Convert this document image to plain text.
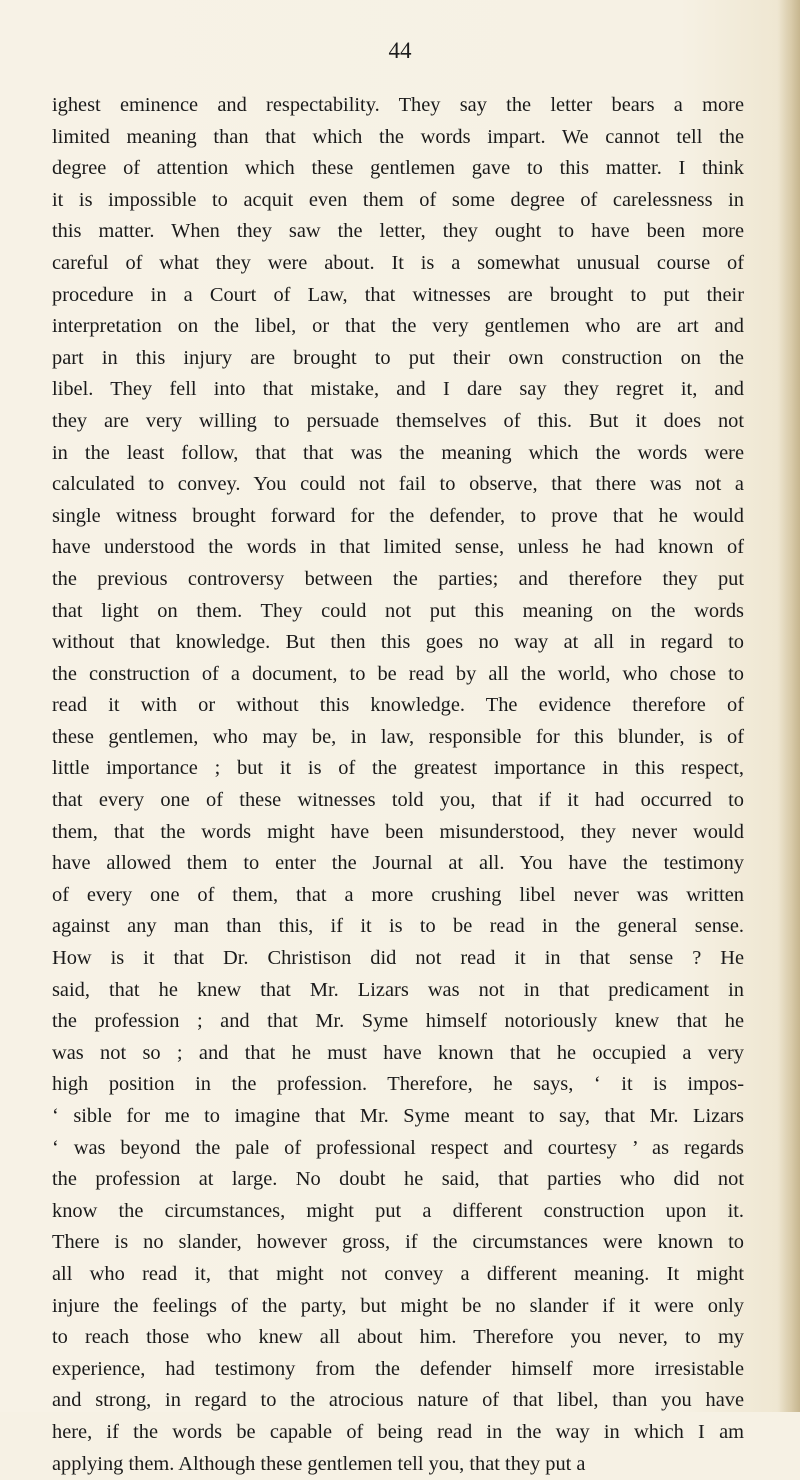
44
ighest eminence and respectability. They say the letter bears a more
limited meaning than that which the words impart. We cannot tell the
degree of attention which these gentlemen gave to this matter. I think
it is impossible to acquit even them of some degree of carelessness in
this matter. When they saw the letter, they ought to have been more
careful of what they were about. It is a somewhat unusual course of
procedure in a Court of Law, that witnesses are brought to put their
interpretation on the libel, or that the very gentlemen who are art and
part in this injury are brought to put their own construction on the
libel. They fell into that mistake, and I dare say they regret it, and
they are very willing to persuade themselves of this. But it does not
in the least follow, that that was the meaning which the words were
calculated to convey. You could not fail to observe, that there was not a
single witness brought forward for the defender, to prove that he would
have understood the words in that limited sense, unless he had known of
the previous controversy between the parties; and therefore they put
that light on them. They could not put this meaning on the words
without that knowledge. But then this goes no way at all in regard to
the construction of a document, to be read by all the world, who chose to
read it with or without this knowledge. The evidence therefore of
these gentlemen, who may be, in law, responsible for this blunder, is of
little importance ; but it is of the greatest importance in this respect,
that every one of these witnesses told you, that if it had occurred to
them, that the words might have been misunderstood, they never would
have allowed them to enter the Journal at all. You have the testimony
of every one of them, that a more crushing libel never was written
against any man than this, if it is to be read in the general sense.
How is it that Dr. Christison did not read it in that sense ? He
said, that he knew that Mr. Lizars was not in that predicament in
the profession ; and that Mr. Syme himself notoriously knew that he
was not so ; and that he must have known that he occupied a very
high position in the profession. Therefore, he says, ‘ it is impos-
‘ sible for me to imagine that Mr. Syme meant to say, that Mr. Lizars
‘ was beyond the pale of professional respect and courtesy ’ as regards
the profession at large. No doubt he said, that parties who did not
know the circumstances, might put a different construction upon it.
There is no slander, however gross, if the circumstances were known to
all who read it, that might not convey a different meaning. It might
injure the feelings of the party, but might be no slander if it were only
to reach those who knew all about him. Therefore you never, to my
experience, had testimony from the defender himself more irresistable
and strong, in regard to the atrocious nature of that libel, than you have
here, if the words be capable of being read in the way in which I am
applying them. Although these gentlemen tell you, that they put a
